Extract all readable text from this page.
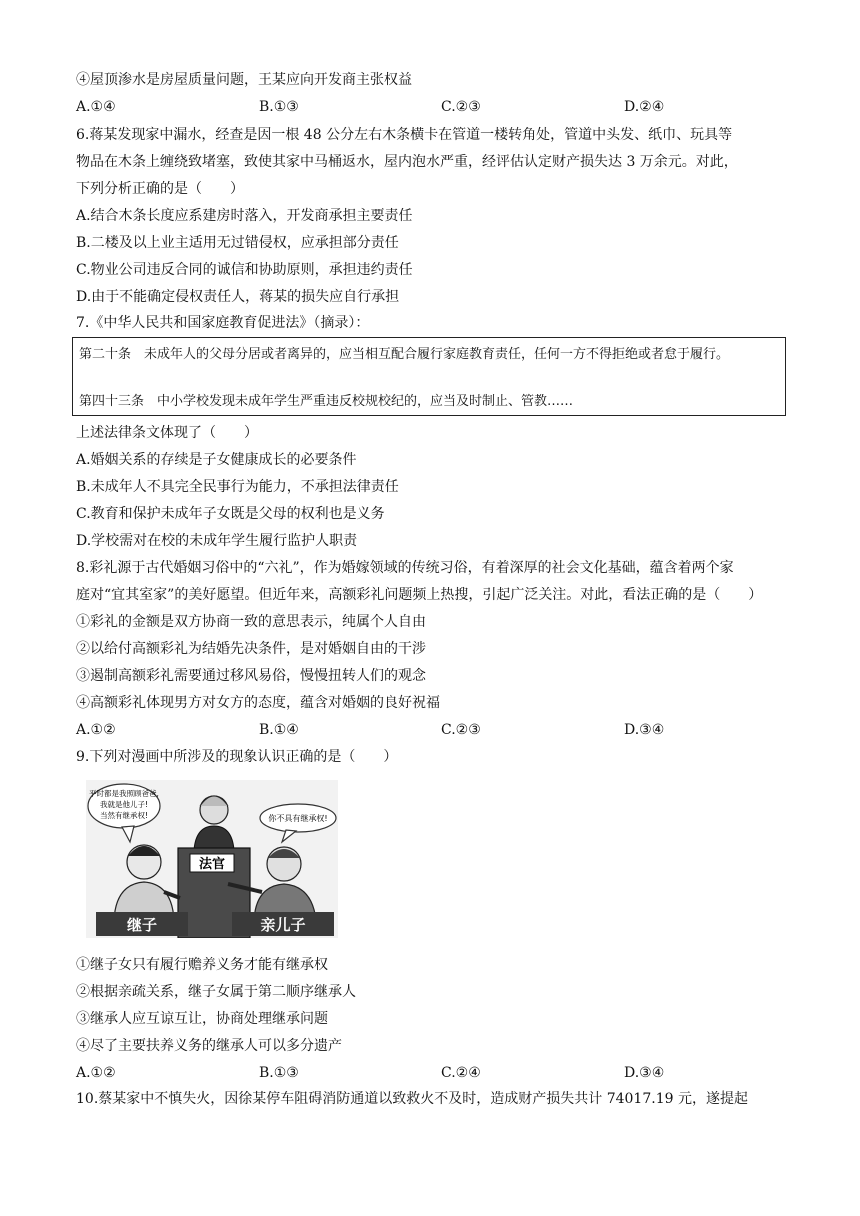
④屋顶渗水是房屋质量问题，王某应向开发商主张权益
A.①④	B.①③	C.②③	D.②④
6.蒋某发现家中漏水，经查是因一根 48 公分左右木条横卡在管道一楼转角处，管道中头发、纸巾、玩具等
物品在木条上缠绕致堵塞，致使其家中马桶返水，屋内泡水严重，经评估认定财产损失达 3 万余元。对此，
下列分析正确的是（　　）
A.结合木条长度应系建房时落入，开发商承担主要责任
B.二楼及以上业主适用无过错侵权，应承担部分责任
C.物业公司违反合同的诚信和协助原则，承担违约责任
D.由于不能确定侵权责任人，蒋某的损失应自行承担
7.《中华人民共和国家庭教育促进法》（摘录）：
第二十条　未成年人的父母分居或者离异的，应当相互配合履行家庭教育责任，任何一方不得拒绝或者怠于履行。
第四十三条　中小学校发现未成年学生严重违反校规校纪的，应当及时制止、管教……
上述法律条文体现了（　　）
A.婚姻关系的存续是子女健康成长的必要条件
B.未成年人不具完全民事行为能力，不承担法律责任
C.教育和保护未成年子女既是父母的权利也是义务
D.学校需对在校的未成年学生履行监护人职责
8.彩礼源于古代婚姻习俗中的“六礼”，作为婚嫁领域的传统习俗，有着深厚的社会文化基础，蕴含着两个家
庭对“宜其室家”的美好愿望。但近年来，高额彩礼问题频上热搜，引起广泛关注。对此，看法正确的是（　　）
①彩礼的金额是双方协商一致的意思表示，纯属个人自由
②以给付高额彩礼为结婚先决条件，是对婚姻自由的干涉
③遏制高额彩礼需要通过移风易俗，慢慢扭转人们的观念
④高额彩礼体现男方对女方的态度，蕴含对婚姻的良好祝福
A.①②	B.①④	C.②③	D.③④
9.下列对漫画中所涉及的现象认识正确的是（　　）
平时都是我照顾爸爸,
我就是他儿子!
当然有继承权!	你不具有继承权!
法官
继子	亲儿子
①继子女只有履行赡养义务才能有继承权
②根据亲疏关系，继子女属于第二顺序继承人
③继承人应互谅互让，协商处理继承问题
④尽了主要扶养义务的继承人可以多分遗产
A.①②	B.①③	C.②④	D.③④
10.蔡某家中不慎失火，因徐某停车阻碍消防通道以致救火不及时，造成财产损失共计 74017.19 元，遂提起
